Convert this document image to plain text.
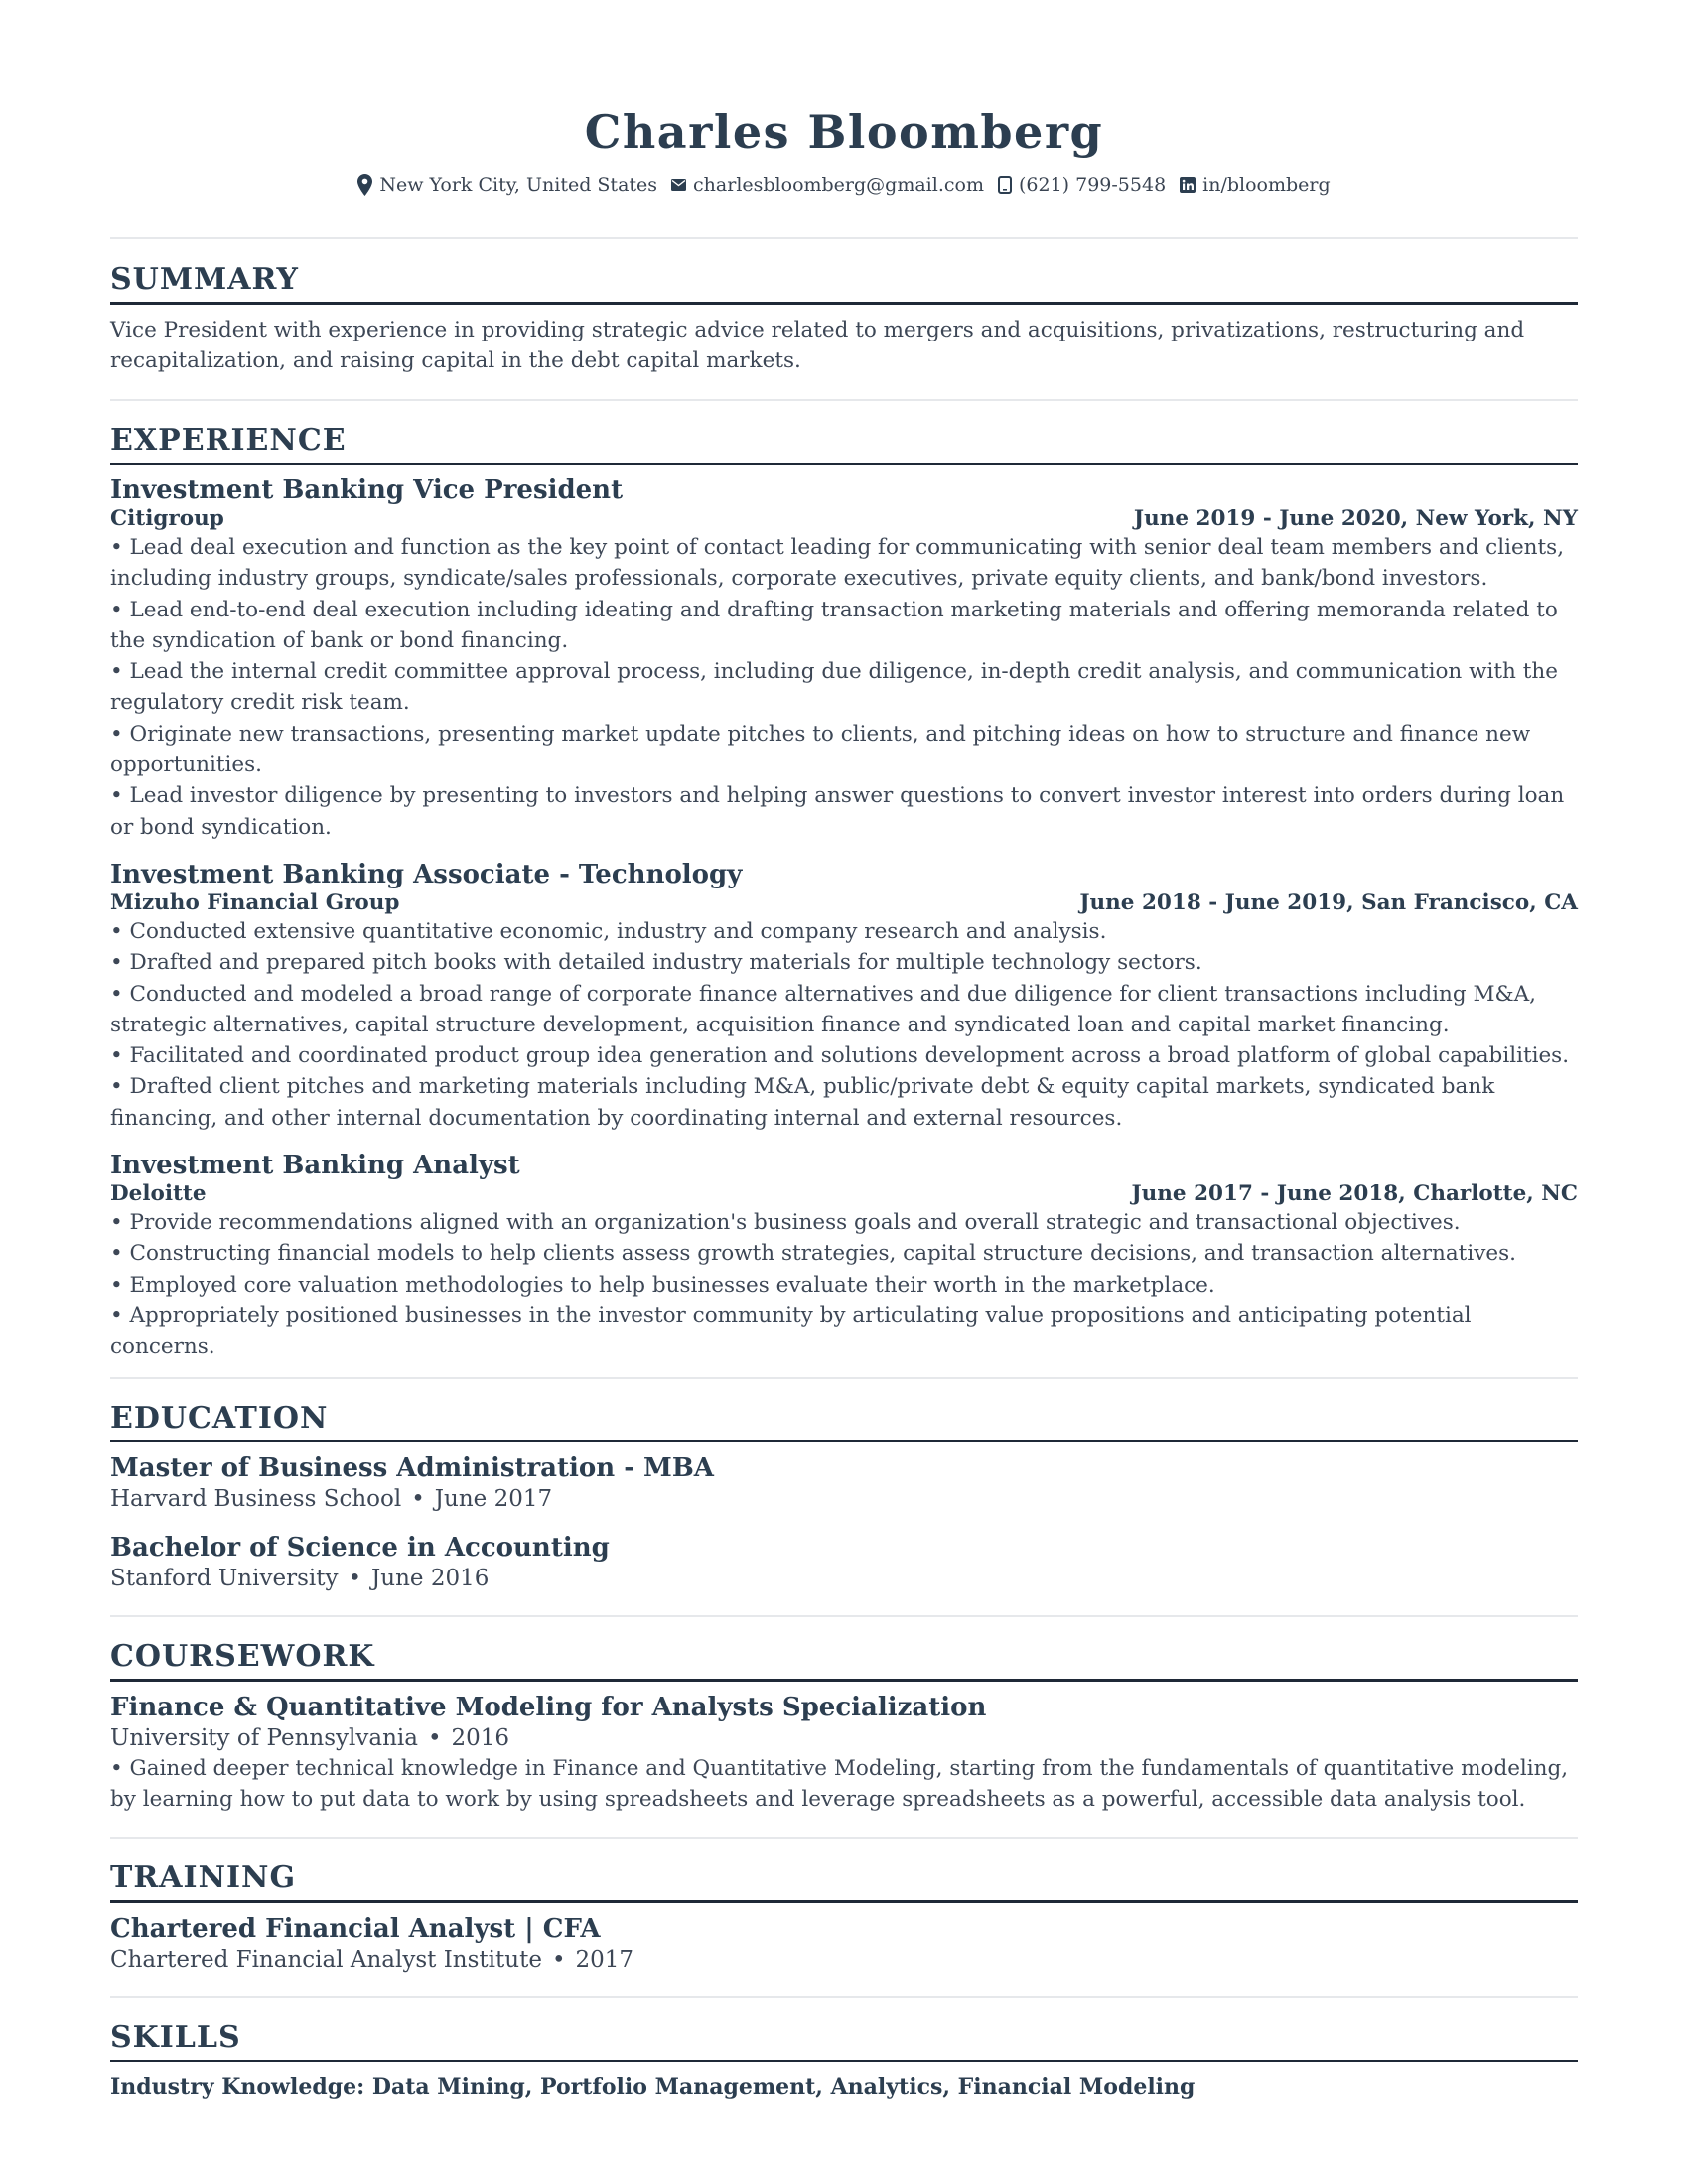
Charles Bloomberg
New York City, United States charlesbloomberg@gmail.com (621) 799-5548 in/bloomberg
SUMMARY

Vice President with experience in providing strategic advice related to mergers and acquisitions, privatizations, restructuring and recapitalization, and raising capital in the debt capital markets.

EXPERIENCE

Investment Banking Vice President

Citigroup	June 2019 - June 2020, New York, NY

• Lead deal execution and function as the key point of contact leading for communicating with senior deal team members and clients, including industry groups, syndicate/sales professionals, corporate executives, private equity clients, and bank/bond investors.

• Lead end-to-end deal execution including ideating and drafting transaction marketing materials and offering memoranda related to the syndication of bank or bond financing.

• Lead the internal credit committee approval process, including due diligence, in-depth credit analysis, and communication with the regulatory credit risk team.

• Originate new transactions, presenting market update pitches to clients, and pitching ideas on how to structure and finance new opportunities.

• Lead investor diligence by presenting to investors and helping answer questions to convert investor interest into orders during loan or bond syndication.

Investment Banking Associate - Technology

Mizuho Financial Group	June 2018 - June 2019, San Francisco, CA

• Conducted extensive quantitative economic, industry and company research and analysis.

• Drafted and prepared pitch books with detailed industry materials for multiple technology sectors.

• Conducted and modeled a broad range of corporate finance alternatives and due diligence for client transactions including M&A, strategic alternatives, capital structure development, acquisition finance and syndicated loan and capital market financing.

• Facilitated and coordinated product group idea generation and solutions development across a broad platform of global capabilities.

• Drafted client pitches and marketing materials including M&A, public/private debt & equity capital markets, syndicated bank financing, and other internal documentation by coordinating internal and external resources.

Investment Banking Analyst

Deloitte	June 2017 - June 2018, Charlotte, NC

• Provide recommendations aligned with an organization's business goals and overall strategic and transactional objectives.

• Constructing financial models to help clients assess growth strategies, capital structure decisions, and transaction alternatives.

• Employed core valuation methodologies to help businesses evaluate their worth in the marketplace.

• Appropriately positioned businesses in the investor community by articulating value propositions and anticipating potential concerns.

EDUCATION

Master of Business Administration - MBA

Harvard Business School • June 2017

Bachelor of Science in Accounting

Stanford University • June 2016

COURSEWORK

Finance & Quantitative Modeling for Analysts Specialization

University of Pennsylvania • 2016

• Gained deeper technical knowledge in Finance and Quantitative Modeling, starting from the fundamentals of quantitative modeling, by learning how to put data to work by using spreadsheets and leverage spreadsheets as a powerful, accessible data analysis tool.

TRAINING

Chartered Financial Analyst | CFA

Chartered Financial Analyst Institute • 2017

SKILLS

Industry Knowledge: Data Mining, Portfolio Management, Analytics, Financial Modeling
